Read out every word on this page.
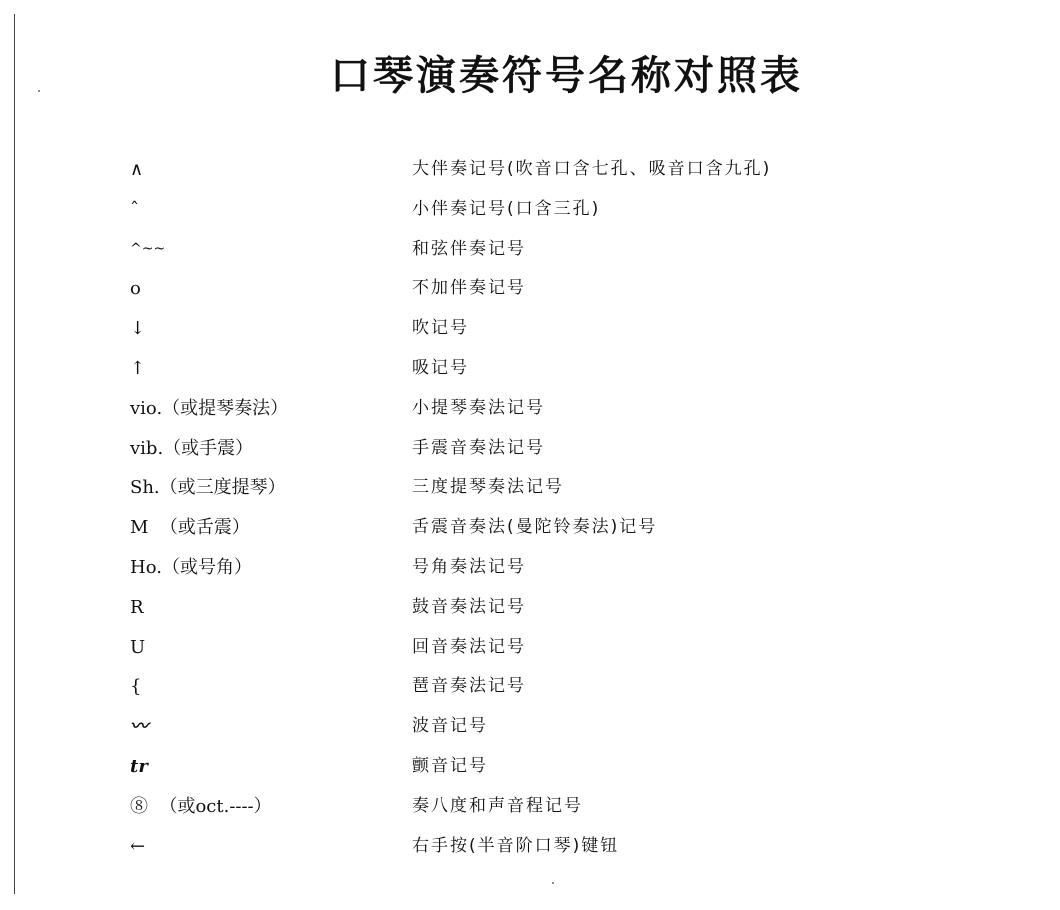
口琴演奏符号名称对照表
∧	大伴奏记号(吹音口含七孔、吸音口含九孔)
ˆ	小伴奏记号(口含三孔)
^~~	和弦伴奏记号
o	不加伴奏记号
↓	吹记号
↑	吸记号
vio.（或提琴奏法）	小提琴奏法记号
vib.（或手震）	手震音奏法记号
Sh.（或三度提琴）	三度提琴奏法记号
M  （或舌震）	舌震音奏法(曼陀铃奏法)记号
Ho.（或号角）	号角奏法记号
R	鼓音奏法记号
U	回音奏法记号
{	琶音奏法记号
〰	波音记号
tr	颤音记号
⑧  （或oct.----）	奏八度和声音程记号
←	右手按(半音阶口琴)键钮
